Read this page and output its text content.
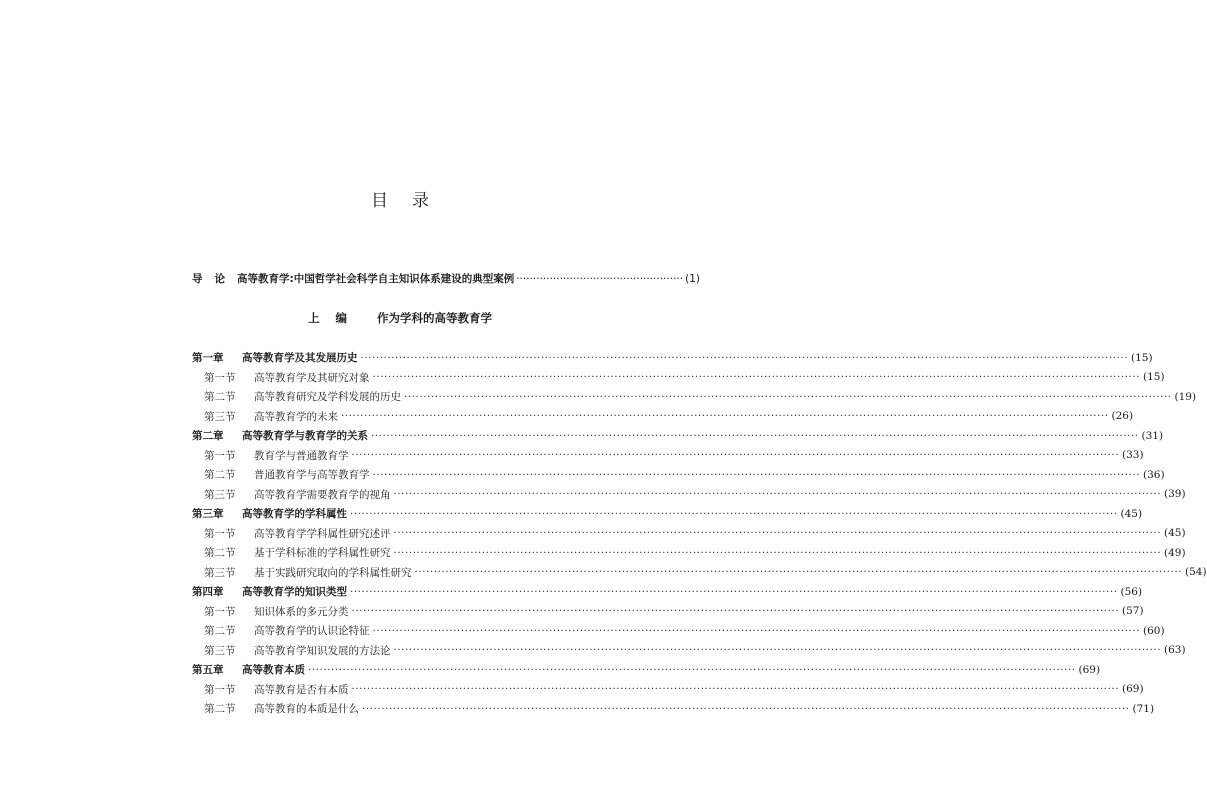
目 录
导论 高等教育学:中国哲学社会科学自主知识体系建设的典型案例 ·················································· (1)
上编 作为学科的高等教育学
第一章	高等教育学及其发展历史 ········································································································································································································ (15)
第一节	高等教育学及其研究对象 ········································································································································································································ (15)
第二节	高等教育研究及学科发展的历史 ········································································································································································································ (19)
第三节	高等教育学的未来 ········································································································································································································ (26)
第二章	高等教育学与教育学的关系 ········································································································································································································ (31)
第一节	教育学与普通教育学 ········································································································································································································ (33)
第二节	普通教育学与高等教育学 ········································································································································································································ (36)
第三节	高等教育学需要教育学的视角 ········································································································································································································ (39)
第三章	高等教育学的学科属性 ········································································································································································································ (45)
第一节	高等教育学学科属性研究述评 ········································································································································································································ (45)
第二节	基于学科标准的学科属性研究 ········································································································································································································ (49)
第三节	基于实践研究取向的学科属性研究 ········································································································································································································ (54)
第四章	高等教育学的知识类型 ········································································································································································································ (56)
第一节	知识体系的多元分类 ········································································································································································································ (57)
第二节	高等教育学的认识论特征 ········································································································································································································ (60)
第三节	高等教育学知识发展的方法论 ········································································································································································································ (63)
第五章	高等教育本质 ········································································································································································································ (69)
第一节	高等教育是否有本质 ········································································································································································································ (69)
第二节	高等教育的本质是什么 ········································································································································································································ (71)
